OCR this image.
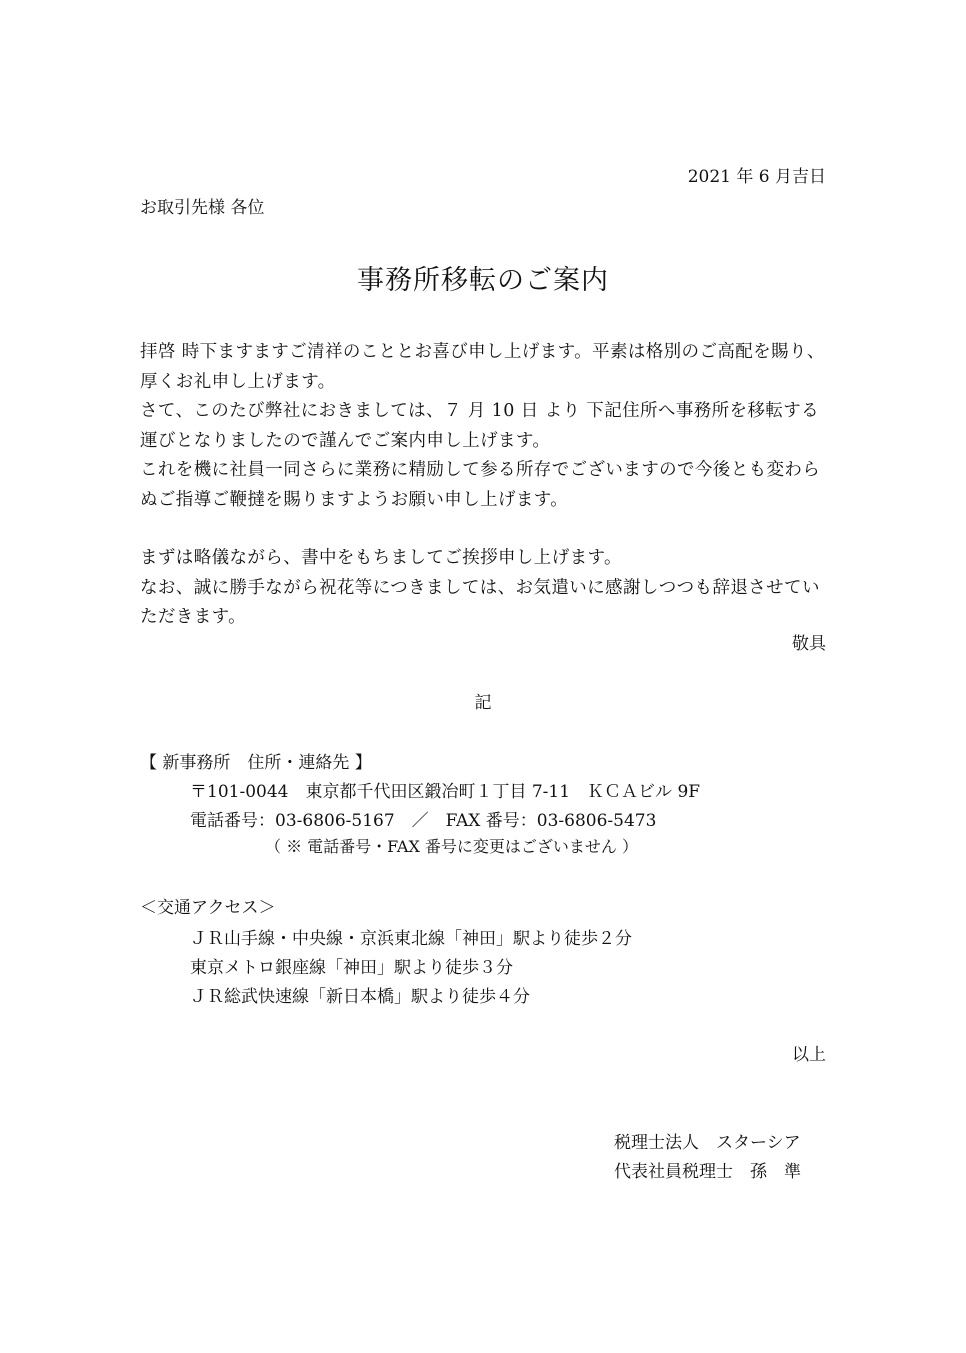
2021 年 6 月吉日

お取引先様 各位

事務所移転のご案内

拝啓 時下ますますご清祥のこととお喜び申し上げます。平素は格別のご高配を賜り、厚くお礼申し上げます。

さて、このたび弊社におきましては、７ 月 10 日 より 下記住所へ事務所を移転する運びとなりましたので謹んでご案内申し上げます。

これを機に社員一同さらに業務に精励して参る所存でございますので今後とも変わらぬご指導ご鞭撻を賜りますようお願い申し上げます。

まずは略儀ながら、書中をもちましてご挨拶申し上げます。

なお、誠に勝手ながら祝花等につきましては、お気遣いに感謝しつつも辞退させていただきます。

敬具

記

【 新事務所　住所・連絡先 】

〒101-0044　東京都千代田区鍛冶町１丁目 7-11　ＫＣＡビル 9F

電話番号：03-6806-5167　／　FAX 番号：03-6806-5473

（ ※ 電話番号・FAX 番号に変更はございません ）

＜交通アクセス＞

ＪＲ山手線・中央線・京浜東北線「神田」駅より徒歩２分

東京メトロ銀座線「神田」駅より徒歩３分

ＪＲ総武快速線「新日本橋」駅より徒歩４分

以上

税理士法人　スターシア

代表社員税理士　孫　準
